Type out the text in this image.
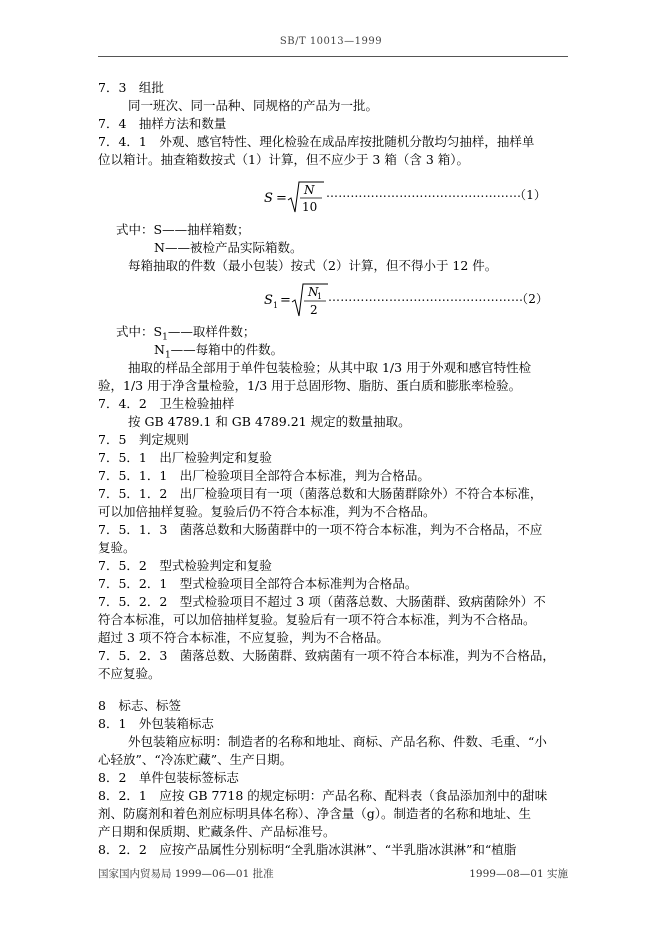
SB/T 10013—1999
7．3　组批
同一班次、同一品种、同规格的产品为一批。
7．4　抽样方法和数量
7．4．1　外观、感官特性、理化检验在成品库按批随机分散均匀抽样，抽样单
位以箱计。抽查箱数按式（1）计算，但不应少于 3 箱（含 3 箱）。
S =
N
10
…………………………………………
（1）
式中：S——抽样箱数；
N——被检产品实际箱数。
每箱抽取的件数（最小包装）按式（2）计算，但不得小于 12 件。
S 1 =
N
1
2
…………………………………………
（2）
式中：$S_1——$取样件数；
$N_1——$每箱中的件数。
抽取的样品全部用于单件包装检验；从其中取 1/3 用于外观和感官特性检
验，1/3 用于净含量检验，1/3 用于总固形物、脂肪、蛋白质和膨胀率检验。
7．4．2　卫生检验抽样
按 GB 4789.1 和 GB 4789.21 规定的数量抽取。
7．5　判定规则
7．5．1　出厂检验判定和复验
7．5．1．1　出厂检验项目全部符合本标准，判为合格品。
7．5．1．2　出厂检验项目有一项（菌落总数和大肠菌群除外）不符合本标准，
可以加倍抽样复验。复验后仍不符合本标准，判为不合格品。
7．5．1．3　菌落总数和大肠菌群中的一项不符合本标准，判为不合格品，不应
复验。
7．5．2　型式检验判定和复验
7．5．2．1　型式检验项目全部符合本标准判为合格品。
7．5．2．2　型式检验项目不超过 3 项（菌落总数、大肠菌群、致病菌除外）不
符合本标准，可以加倍抽样复验。复验后有一项不符合本标准，判为不合格品。
超过 3 项不符合本标准，不应复验，判为不合格品。
7．5．2．3　菌落总数、大肠菌群、致病菌有一项不符合本标准，判为不合格品，
不应复验。
8　标志、标签
8．1　外包装箱标志
外包装箱应标明：制造者的名称和地址、商标、产品名称、件数、毛重、“小
心轻放”、“冷冻贮藏”、生产日期。
8．2　单件包装标签标志
8．2．1　应按 GB 7718 的规定标明：产品名称、配料表（食品添加剂中的甜味
剂、防腐剂和着色剂应标明具体名称）、净含量（g）。制造者的名称和地址、生
产日期和保质期、贮藏条件、产品标准号。
8．2．2　应按产品属性分别标明“全乳脂冰淇淋”、“半乳脂冰淇淋”和“植脂
国家国内贸易局 1999—06—01 批准	1999—08—01 实施
